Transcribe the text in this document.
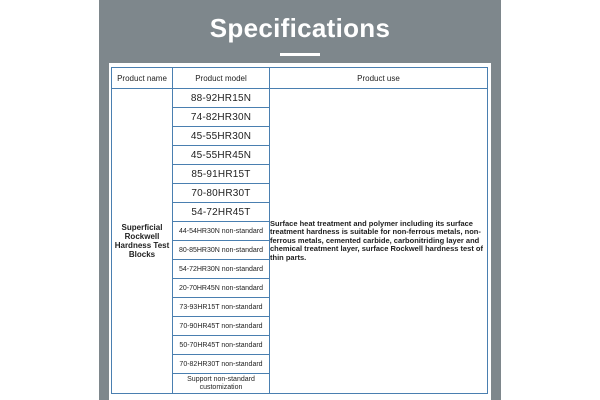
Specifications
Product name	Product model	Product use
Superficial Rockwell Hardness Test Blocks	88-92HR15N	Surface heat treatment and polymer including its surface treatment hardness is suitable for non-ferrous metals, non-ferrous metals, cemented carbide, carbonitriding layer and chemical treatment layer, surface Rockwell hardness test of thin parts.
	74-82HR30N	
	45-55HR30N	
	45-55HR45N	
	85-91HR15T	
	70-80HR30T	
	54-72HR45T	
	44-54HR30N non-standard	
	80-85HR30N non-standard	
	54-72HR30N non-standard	
	20-70HR45N non-standard	
	73-93HR15T non-standard	
	70-90HR45T non-standard	
	50-70HR45T non-standard	
	70-82HR30T non-standard	
	Support non-standard customization	
